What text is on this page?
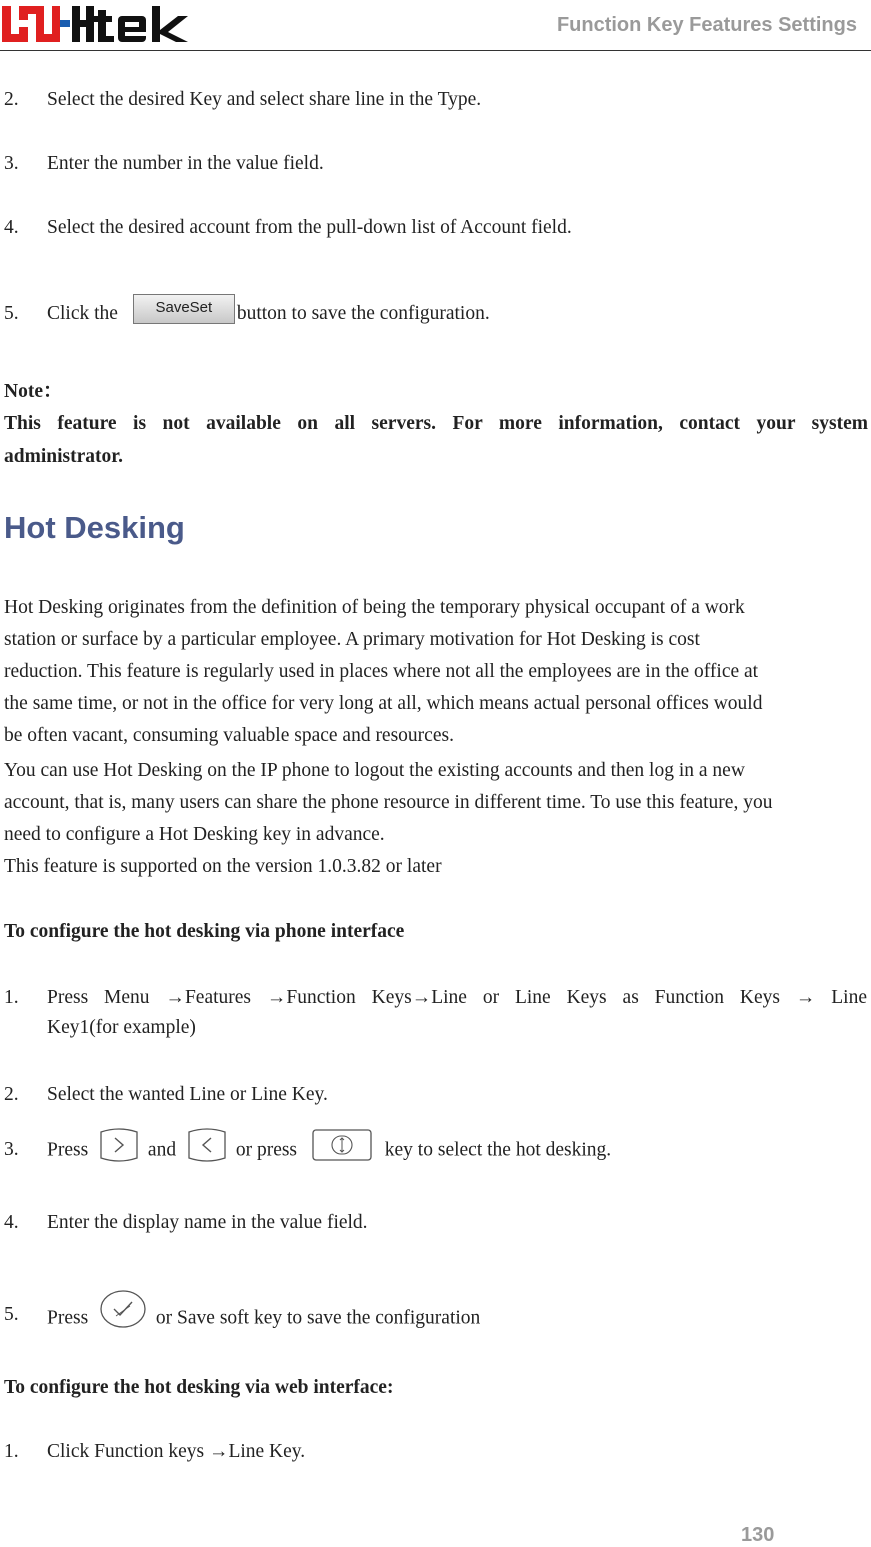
Function Key Features Settings
2. Select the desired Key and select share line in the Type.
3. Enter the number in the value field.
4. Select the desired account from the pull-down list of Account field.
5. Click the	SaveSet button to save the configuration.
Note：
This feature is not available on all servers. For more information, contact your system
administrator.
Hot Desking
Hot Desking originates from the definition of being the temporary physical occupant of a work
station or surface by a particular employee. A primary motivation for Hot Desking is cost
reduction. This feature is regularly used in places where not all the employees are in the office at
the same time, or not in the office for very long at all, which means actual personal offices would
be often vacant, consuming valuable space and resources.
You can use Hot Desking on the IP phone to logout the existing accounts and then log in a new
account, that is, many users can share the phone resource in different time. To use this feature, you
need to configure a Hot Desking key in advance.
This feature is supported on the version 1.0.3.82 or later
To configure the hot desking via phone interface
1. Press Menu →Features →Function Keys→Line or Line Keys as Function Keys → Line
Key1(for example)
2. Select the wanted Line or Line Key.
3. Press	and	or press	key to select the hot desking.
4. Enter the display name in the value field.
5. Press	or Save soft key to save the configuration
To configure the hot desking via web interface:
1. Click Function keys →Line Key.
130
